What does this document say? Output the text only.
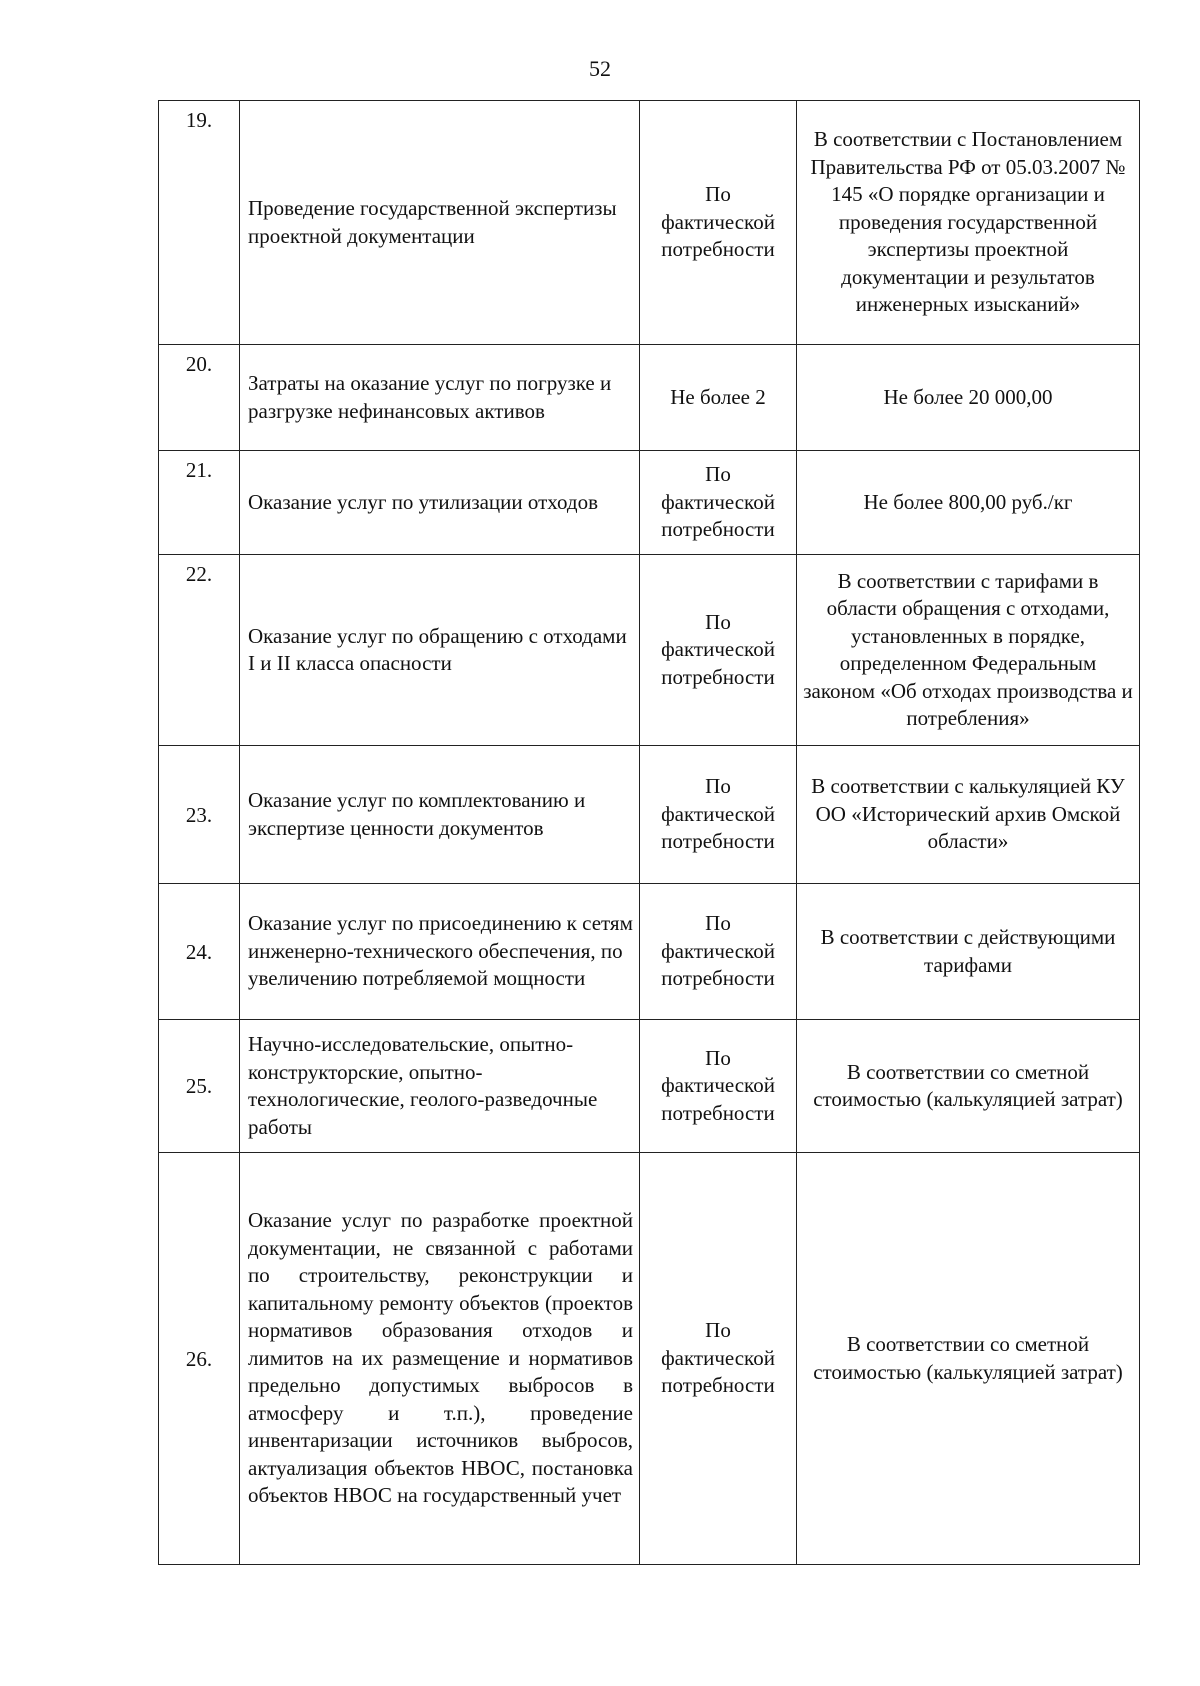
52
19.	Проведение государственной экспертизы проектной документации	По фактической потребности	В соответствии с Постановлением Правительства РФ от 05.03.2007 № 145 «О порядке организации и проведения государственной экспертизы проектной документации и результатов инженерных изысканий»
20.	Затраты на оказание услуг по погрузке и разгрузке нефинансовых активов	Не более 2	Не более 20 000,00
21.	Оказание услуг по утилизации отходов	По фактической потребности	Не более 800,00 руб./кг
22.	Оказание услуг по обращению с отходами I и II класса опасности	По фактической потребности	В соответствии с тарифами в области обращения с отходами, установленных в порядке, определенном Федеральным законом «Об отходах производства и потребления»
23.	Оказание услуг по комплектованию и экспертизе ценности документов	По фактической потребности	В соответствии с калькуляцией КУ ОО «Исторический архив Омской области»
24.	Оказание услуг по присоединению к сетям инженерно-технического обеспечения, по увеличению потребляемой мощности	По фактической потребности	В соответствии с действующими тарифами
25.	Научно-исследовательские, опытно-конструкторские, опытно-технологические, геолого-разведочные работы	По фактической потребности	В соответствии со сметной стоимостью (калькуляцией затрат)
26.	Оказание услуг по разработке проектной документации, не связанной с работами по строительству, реконструкции и капитальному ремонту объектов (проектов нормативов образования отходов и лимитов на их размещение и нормативов предельно допустимых выбросов в атмосферу и т.п.), проведение инвентаризации источников выбросов, актуализация объектов НВОС, постановка объектов НВОС на государственный учет	По фактической потребности	В соответствии со сметной стоимостью (калькуляцией затрат)
